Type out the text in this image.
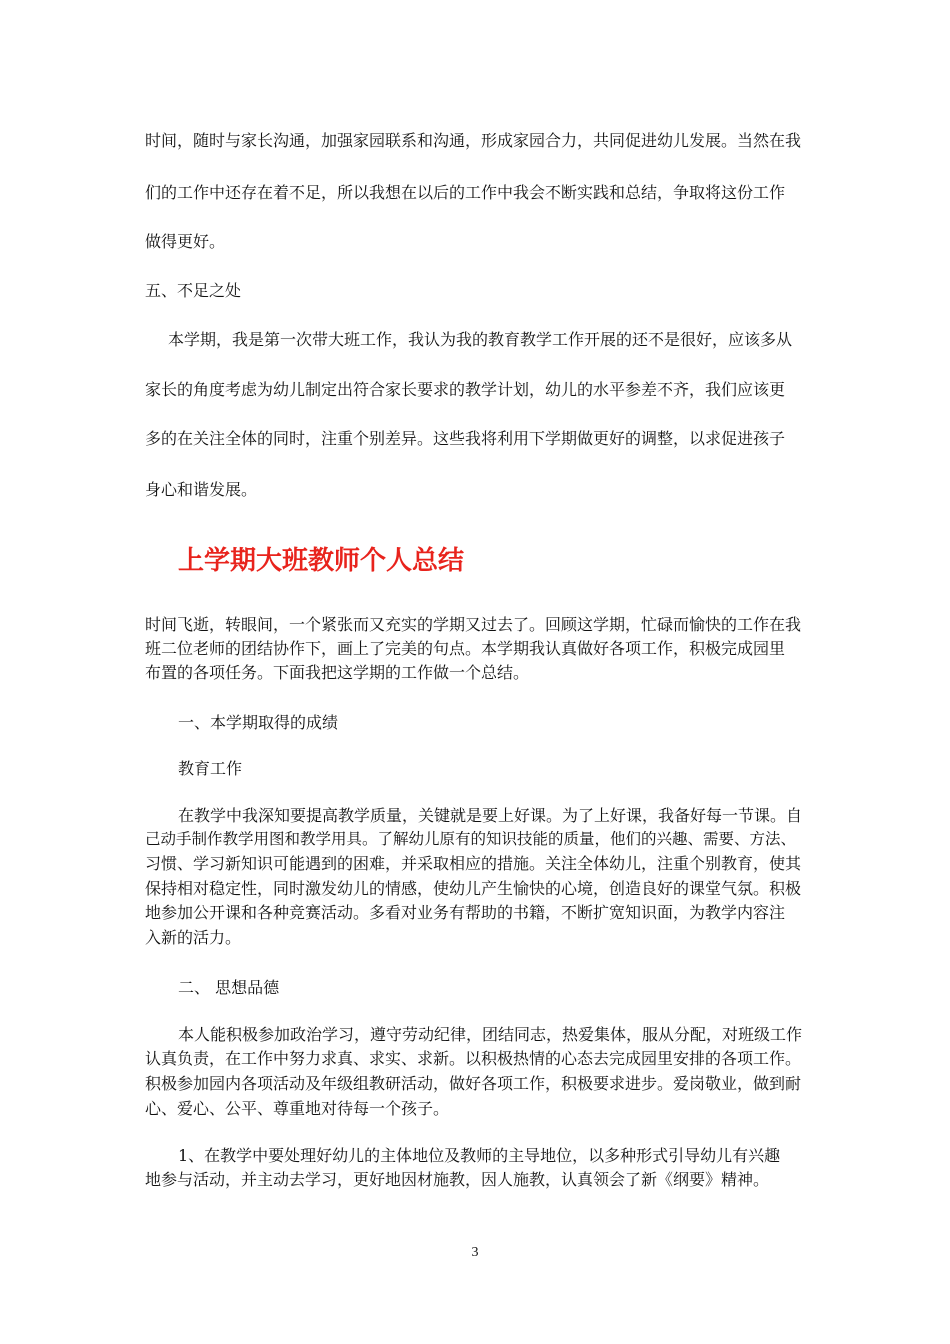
时间，随时与家长沟通，加强家园联系和沟通，形成家园合力，共同促进幼儿发展。当然在我

们的工作中还存在着不足，所以我想在以后的工作中我会不断实践和总结，争取将这份工作

做得更好。

五、不足之处

本学期，我是第一次带大班工作，我认为我的教育教学工作开展的还不是很好，应该多从

家长的角度考虑为幼儿制定出符合家长要求的教学计划，幼儿的水平参差不齐，我们应该更

多的在关注全体的同时，注重个别差异。这些我将利用下学期做更好的调整，以求促进孩子

身心和谐发展。

上学期大班教师个人总结

时间飞逝，转眼间，一个紧张而又充实的学期又过去了。回顾这学期，忙碌而愉快的工作在我

班二位老师的团结协作下，画上了完美的句点。本学期我认真做好各项工作，积极完成园里

布置的各项任务。下面我把这学期的工作做一个总结。

一、本学期取得的成绩

教育工作

在教学中我深知要提高教学质量，关键就是要上好课。为了上好课，我备好每一节课。自

己动手制作教学用图和教学用具。了解幼儿原有的知识技能的质量，他们的兴趣、需要、方法、

习惯、学习新知识可能遇到的困难，并采取相应的措施。关注全体幼儿，注重个别教育，使其

保持相对稳定性，同时激发幼儿的情感，使幼儿产生愉快的心境，创造良好的课堂气氛。积极

地参加公开课和各种竞赛活动。多看对业务有帮助的书籍，不断扩宽知识面，为教学内容注

入新的活力。

二、 思想品德

本人能积极参加政治学习，遵守劳动纪律，团结同志，热爱集体，服从分配，对班级工作

认真负责，在工作中努力求真、求实、求新。以积极热情的心态去完成园里安排的各项工作。

积极参加园内各项活动及年级组教研活动，做好各项工作，积极要求进步。爱岗敬业，做到耐

心、爱心、公平、尊重地对待每一个孩子。

1、在教学中要处理好幼儿的主体地位及教师的主导地位，以多种形式引导幼儿有兴趣

地参与活动，并主动去学习，更好地因材施教，因人施教，认真领会了新《纲要》精神。

3
